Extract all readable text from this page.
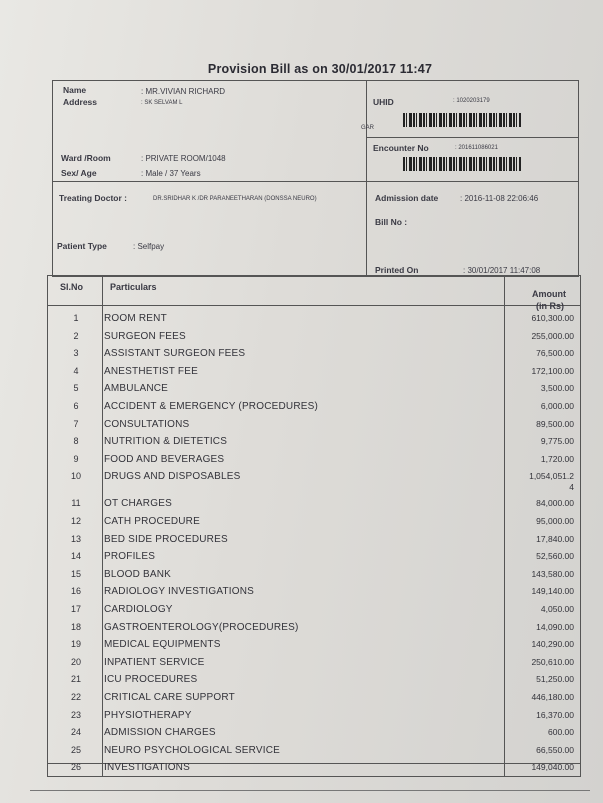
Provision Bill as on 30/01/2017 11:47
Name	: MR.VIVIAN RICHARD
Address	: SK SELVAM L
GAR
Ward /Room	: PRIVATE ROOM/1048
Sex/ Age	: Male / 37 Years
Treating Doctor :	DR.SRIDHAR K /DR PARANEETHARAN (DONSSA NEURO)
Patient Type	: Selfpay
UHID	: 1020203179
Encounter No	: 201611086021
Admission date	: 2016-11-08 22:06:46
Bill No :
Printed On	: 30/01/2017 11:47:08
Sl.No	Particulars
Amount
(in Rs)
1	ROOM RENT	610,300.00
2	SURGEON FEES	255,000.00
3	ASSISTANT SURGEON FEES	76,500.00
4	ANESTHETIST FEE	172,100.00
5	AMBULANCE	3,500.00
6	ACCIDENT & EMERGENCY (PROCEDURES)	6,000.00
7	CONSULTATIONS	89,500.00
8	NUTRITION & DIETETICS	9,775.00
9	FOOD AND BEVERAGES	1,720.00
10	DRUGS AND DISPOSABLES	1,054,051.2
4
11	OT CHARGES	84,000.00
12	CATH PROCEDURE	95,000.00
13	BED SIDE PROCEDURES	17,840.00
14	PROFILES	52,560.00
15	BLOOD BANK	143,580.00
16	RADIOLOGY INVESTIGATIONS	149,140.00
17	CARDIOLOGY	4,050.00
18	GASTROENTEROLOGY(PROCEDURES)	14,090.00
19	MEDICAL EQUIPMENTS	140,290.00
20	INPATIENT SERVICE	250,610.00
21	ICU PROCEDURES	51,250.00
22	CRITICAL CARE SUPPORT	446,180.00
23	PHYSIOTHERAPY	16,370.00
24	ADMISSION CHARGES	600.00
25	NEURO PSYCHOLOGICAL SERVICE	66,550.00
26	INVESTIGATIONS	149,040.00
